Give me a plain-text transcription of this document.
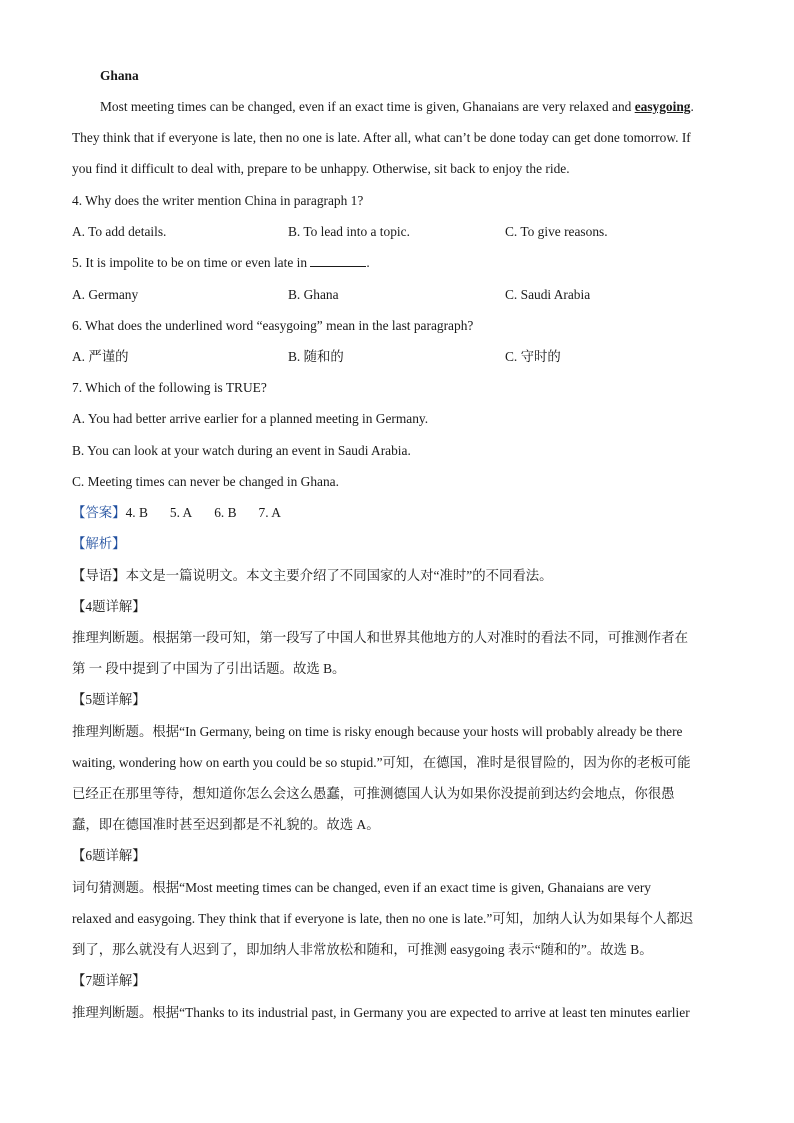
Ghana
Most meeting times can be changed, even if an exact time is given, Ghanaians are very relaxed and easygoing.
They think that if everyone is late, then no one is late. After all, what can’t be done today can get done tomorrow. If
you find it difficult to deal with, prepare to be unhappy. Otherwise, sit back to enjoy the ride.
4. Why does the writer mention China in paragraph 1?
A. To add details.	B. To lead into a topic.	C. To give reasons.
5. It is impolite to be on time or even late in	.
A. Germany	B. Ghana	C. Saudi Arabia
6. What does the underlined word “easygoing” mean in the last paragraph?
A. 严谨的	B. 随和的	C. 守时的
7. Which of the following is TRUE?
A. You had better arrive earlier for a planned meeting in Germany.
B. You can look at your watch during an event in Saudi Arabia.
C. Meeting times can never be changed in Ghana.
【答案】4. B 5. A 6. B 7. A
【解析】
【导语】本文是一篇说明文。本文主要介绍了不同国家的人对“准时”的不同看法。
【4题详解】
推理判断题。根据第一段可知，第一段写了中国人和世界其他地方的人对准时的看法不同，可推测作者在
第 一 段中提到了中国为了引出话题。故选 B。
【5题详解】
推理判断题。根据“In Germany, being on time is risky enough because your hosts will probably already be there
waiting, wondering how on earth you could be so stupid.”可知，在德国，准时是很冒险的，因为你的老板可能
已经正在那里等待，想知道你怎么会这么愚蠢，可推测德国人认为如果你没提前到达约会地点，你很愚
蠢，即在德国准时甚至迟到都是不礼貌的。故选 A。
【6题详解】
词句猜测题。根据“Most meeting times can be changed, even if an exact time is given, Ghanaians are very
relaxed and easygoing. They think that if everyone is late, then no one is late.”可知，加纳人认为如果每个人都迟
到了，那么就没有人迟到了，即加纳人非常放松和随和，可推测 easygoing 表示“随和的”。故选 B。
【7题详解】
推理判断题。根据“Thanks to its industrial past, in Germany you are expected to arrive at least ten minutes earlier
